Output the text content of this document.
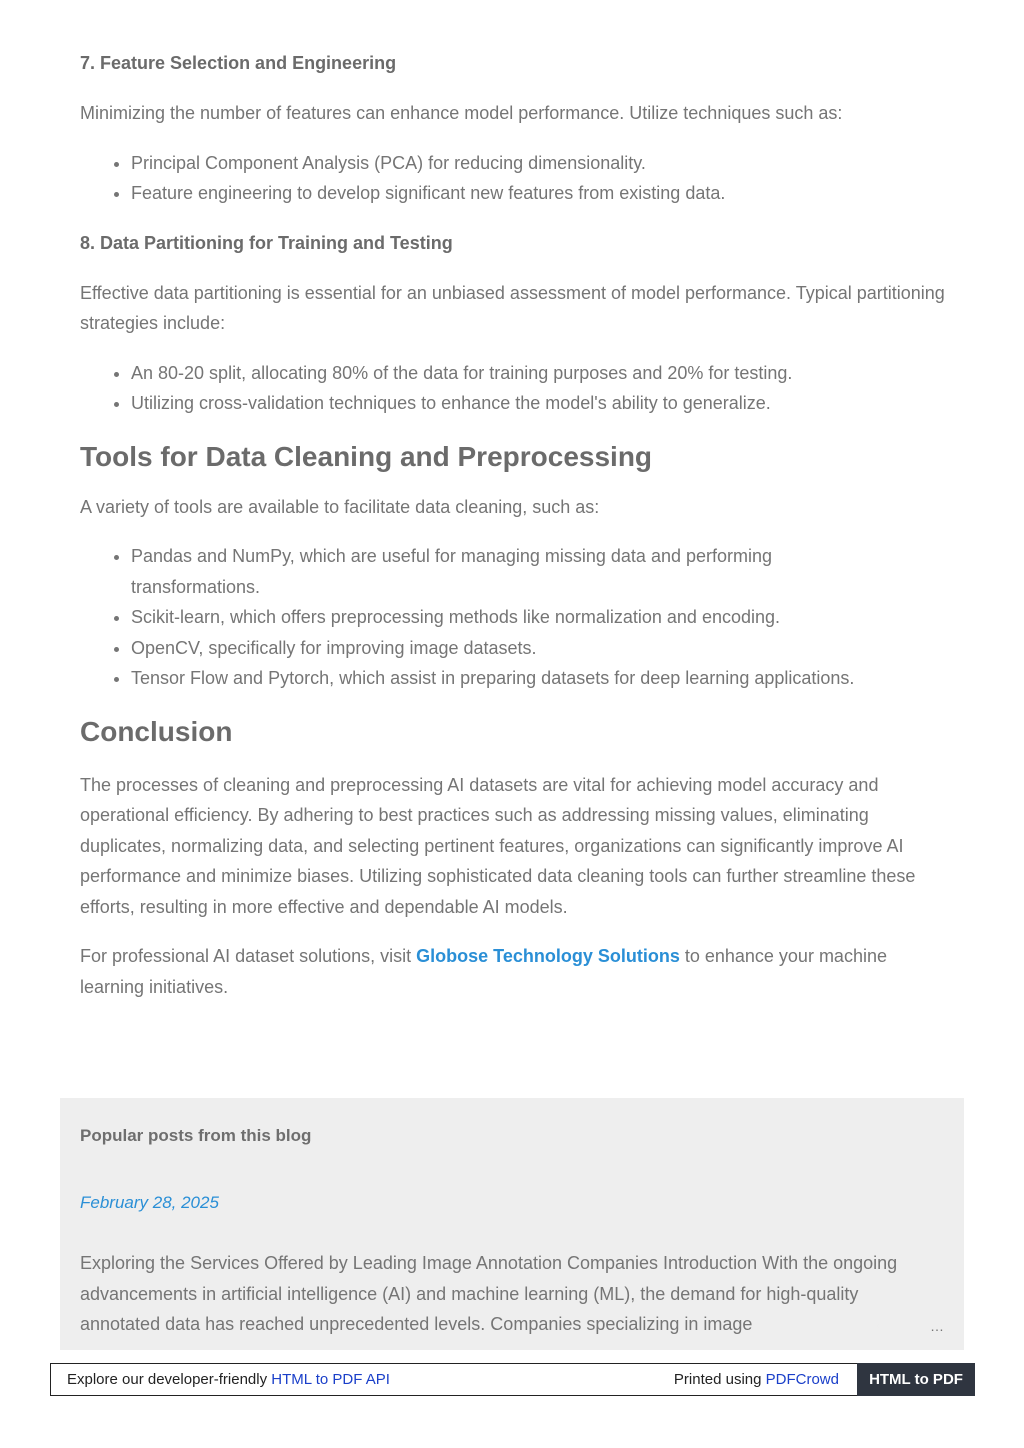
7. Feature Selection and Engineering

Minimizing the number of features can enhance model performance. Utilize techniques such as:

• Principal Component Analysis (PCA) for reducing dimensionality.
• Feature engineering to develop significant new features from existing data.
8. Data Partitioning for Training and Testing

Effective data partitioning is essential for an unbiased assessment of model performance. Typical partitioning strategies include:

• An 80-20 split, allocating 80% of the data for training purposes and 20% for testing.
• Utilizing cross-validation techniques to enhance the model's ability to generalize.
Tools for Data Cleaning and Preprocessing

A variety of tools are available to facilitate data cleaning, such as:

• Pandas and NumPy, which are useful for managing missing data and performing transformations.
• Scikit-learn, which offers preprocessing methods like normalization and encoding.
• OpenCV, specifically for improving image datasets.
• Tensor Flow and Pytorch, which assist in preparing datasets for deep learning applications.
Conclusion

The processes of cleaning and preprocessing AI datasets are vital for achieving model accuracy and operational efficiency. By adhering to best practices such as addressing missing values, eliminating duplicates, normalizing data, and selecting pertinent features, organizations can significantly improve AI performance and minimize biases. Utilizing sophisticated data cleaning tools can further streamline these efforts, resulting in more effective and dependable AI models.

For professional AI dataset solutions, visit Globose Technology Solutions to enhance your machine learning initiatives.

Popular posts from this blog
February 28, 2025
Exploring the Services Offered by Leading Image Annotation Companies Introduction With the ongoing advancements in artificial intelligence (AI) and machine learning (ML), the demand for high-quality annotated data has reached unprecedented levels. Companies specializing in image	…
Explore our developer-friendly HTML to PDF API	Printed using PDFCrowd	HTML to PDF
